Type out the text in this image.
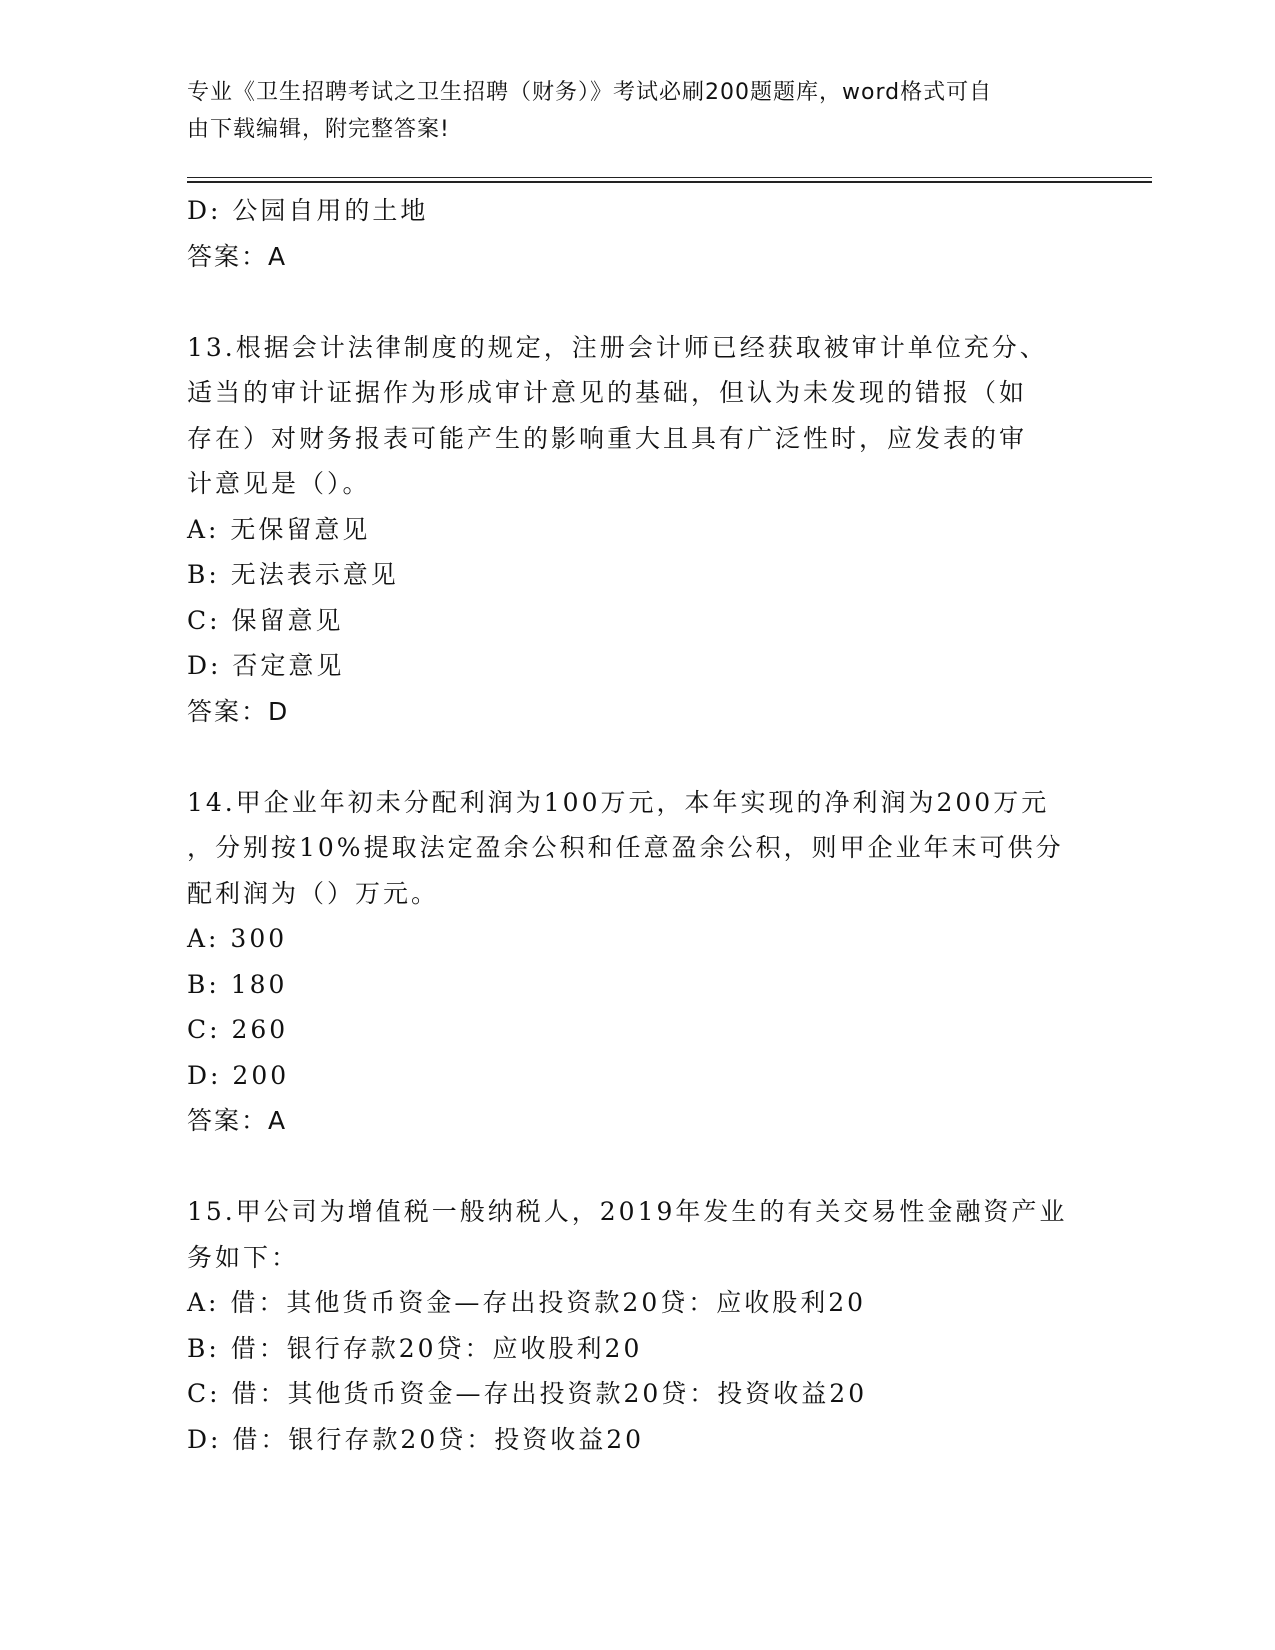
专业《卫生招聘考试之卫生招聘（财务）》考试必刷200题题库，word格式可自
由下载编辑，附完整答案!
D: 公园自用的土地
答案：A
13.根据会计法律制度的规定，注册会计师已经获取被审计单位充分、
适当的审计证据作为形成审计意见的基础，但认为未发现的错报（如
存在）对财务报表可能产生的影响重大且具有广泛性时，应发表的审
计意见是（）。
A: 无保留意见
B: 无法表示意见
C: 保留意见
D: 否定意见
答案：D
14.甲企业年初未分配利润为100万元，本年实现的净利润为200万元
，分别按10%提取法定盈余公积和任意盈余公积，则甲企业年末可供分
配利润为（）万元。
A: 300
B: 180
C: 260
D: 200
答案：A
15.甲公司为增值税一般纳税人，2019年发生的有关交易性金融资产业
务如下：
A: 借：其他货币资金—存出投资款20贷：应收股利20
B: 借：银行存款20贷：应收股利20
C: 借：其他货币资金—存出投资款20贷：投资收益20
D: 借：银行存款20贷：投资收益20
